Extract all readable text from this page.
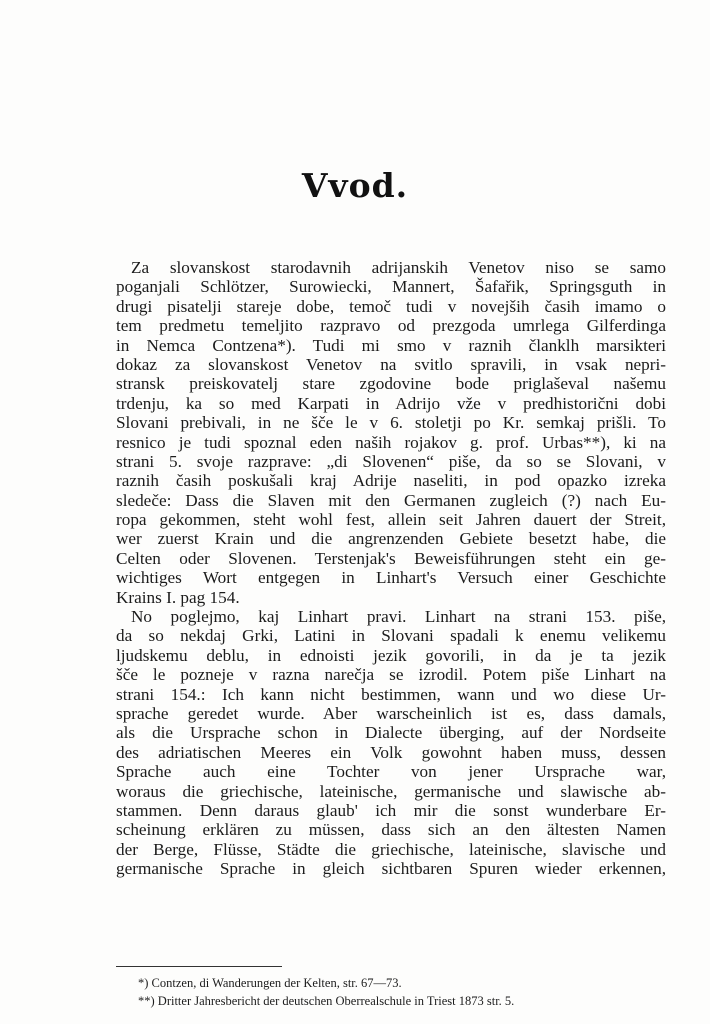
Vvod.
Za slovanskost starodavnih adrijanskih Venetov niso se samo
poganjali Schlötzer, Surowiecki, Mannert, Šafařik, Springsguth in
drugi pisatelji stareje dobe, temoč tudi v novejših časih imamo o
tem predmetu temeljito razpravo od prezgoda umrlega Gilferdinga
in Nemca Contzena*). Tudi mi smo v raznih članklh marsikteri
dokaz za slovanskost Venetov na svitlo spravili, in vsak nepri-
stransk preiskovatelj stare zgodovine bode priglaševal našemu
trdenju, ka so med Karpati in Adrijo vže v predhistorični dobi
Slovani prebivali, in ne šče le v 6. stoletji po Kr. semkaj prišli. To
resnico je tudi spoznal eden naših rojakov g. prof. Urbas**), ki na
strani 5. svoje razprave: „di Slovenen“ piše, da so se Slovani, v
raznih časih poskušali kraj Adrije naseliti, in pod opazko izreka
sledeče: Dass die Slaven mit den Germanen zugleich (?) nach Eu-
ropa gekommen, steht wohl fest, allein seit Jahren dauert der Streit,
wer zuerst Krain und die angrenzenden Gebiete besetzt habe, die
Celten oder Slovenen. Terstenjak's Beweisführungen steht ein ge-
wichtiges Wort entgegen in Linhart's Versuch einer Geschichte
Krains I. pag 154.
No poglejmo, kaj Linhart pravi. Linhart na strani 153. piše,
da so nekdaj Grki, Latini in Slovani spadali k enemu velikemu
ljudskemu deblu, in ednoisti jezik govorili, in da je ta jezik
šče le pozneje v razna narečja se izrodil. Potem piše Linhart na
strani 154.: Ich kann nicht bestimmen, wann und wo diese Ur-
sprache geredet wurde. Aber warscheinlich ist es, dass damals,
als die Ursprache schon in Dialecte überging, auf der Nordseite
des adriatischen Meeres ein Volk gowohnt haben muss, dessen
Sprache auch eine Tochter von jener Ursprache war,
woraus die griechische, lateinische, germanische und slawische ab-
stammen. Denn daraus glaub' ich mir die sonst wunderbare Er-
scheinung erklären zu müssen, dass sich an den ältesten Namen
der Berge, Flüsse, Städte die griechische, lateinische, slavische und
germanische Sprache in gleich sichtbaren Spuren wieder erkennen,
*) Contzen, di Wanderungen der Kelten, str. 67—73.
**) Dritter Jahresbericht der deutschen Oberrealschule in Triest 1873 str. 5.
